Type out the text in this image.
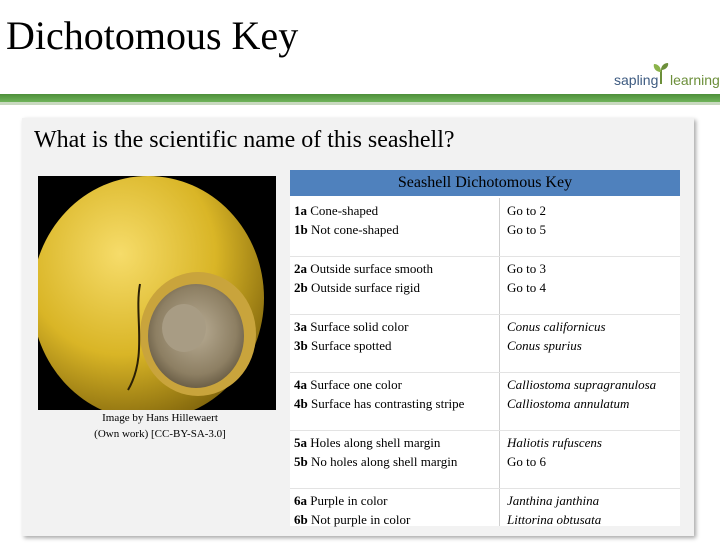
Dichotomous Key
sapling learning
What is the scientific name of this seashell?
Image by Hans Hillewaert
(Own work) [CC-BY-SA-3.0]
Seashell Dichotomous Key
1a Cone-shaped
1b Not cone-shaped
Go to 2
Go to 5
2a Outside surface smooth
2b Outside surface rigid
Go to 3
Go to 4
3a Surface solid color
3b Surface spotted
Conus californicus
Conus spurius
4a Surface one color
4b Surface has contrasting stripe
Calliostoma supragranulosa
Calliostoma annulatum
5a Holes along shell margin
5b No holes along shell margin
Haliotis rufuscens
Go to 6
6a Purple in color
6b Not purple in color
Janthina janthina
Littorina obtusata
